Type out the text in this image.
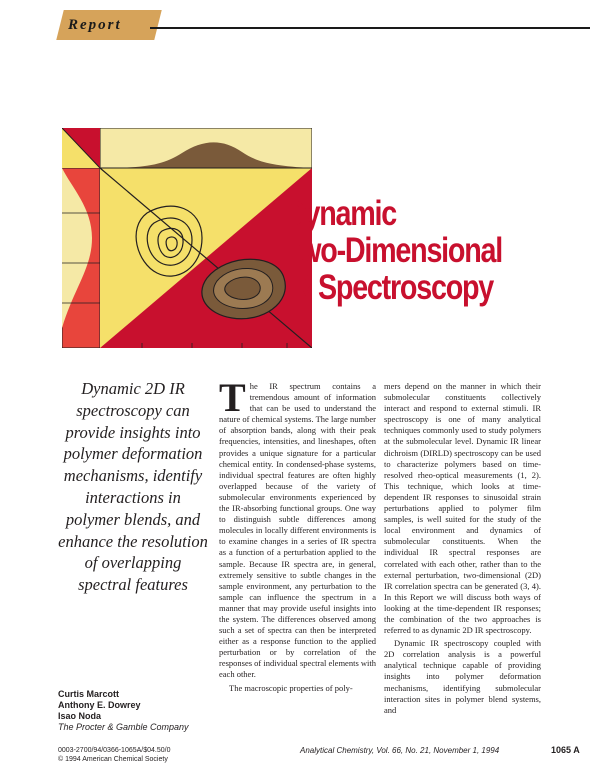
Report
Dynamic
Two-Dimensional
IR Spectroscopy
Dynamic 2D IR spectroscopy can provide insights into polymer deformation mechanisms, identify interactions in polymer blends, and enhance the resolution of overlapping spectral features
Curtis Marcott
Anthony E. Dowrey
Isao Noda
The Procter & Gamble Company

The IR spectrum contains a tremendous amount of information that can be used to understand the nature of chemical systems. The large number of absorption bands, along with their peak frequencies, intensities, and lineshapes, often provides a unique signature for a particular chemical entity. In condensed-phase systems, individual spectral features are often highly overlapped because of the variety of submolecular environments experienced by the IR-absorbing functional groups. One way to distinguish subtle differences among molecules in locally different environments is to examine changes in a series of IR spectra as a function of a perturbation applied to the sample. Because IR spectra are, in general, extremely sensitive to subtle changes in the sample environment, any perturbation to the sample can influence the spectrum in a manner that may provide useful insights into the system. The differences observed among such a set of spectra can then be interpreted either as a response function to the applied perturbation or by correlation of the responses of individual spectral elements with each other.

The macroscopic properties of poly-

mers depend on the manner in which their submolecular constituents collectively interact and respond to external stimuli. IR spectroscopy is one of many analytical techniques commonly used to study polymers at the submolecular level. Dynamic IR linear dichroism (DIRLD) spectroscopy can be used to characterize polymers based on time-resolved rheo-optical measurements (1, 2). This technique, which looks at time-dependent IR responses to sinusoidal strain perturbations applied to polymer film samples, is well suited for the study of the local environment and dynamics of submolecular constituents. When the individual IR spectral responses are correlated with each other, rather than to the external perturbation, two-dimensional (2D) IR correlation spectra can be generated (3, 4). In this Report we will discuss both ways of looking at the time-dependent IR responses; the combination of the two approaches is referred to as dynamic 2D IR spectroscopy.

Dynamic IR spectroscopy coupled with 2D correlation analysis is a powerful analytical technique capable of providing insights into polymer deformation mechanisms, identifying submolecular interaction sites in polymer blend systems, and

0003-2700/94/0366-1065A/$04.50/0
© 1994 American Chemical Society
Analytical Chemistry, Vol. 66, No. 21, November 1, 1994	1065 A
